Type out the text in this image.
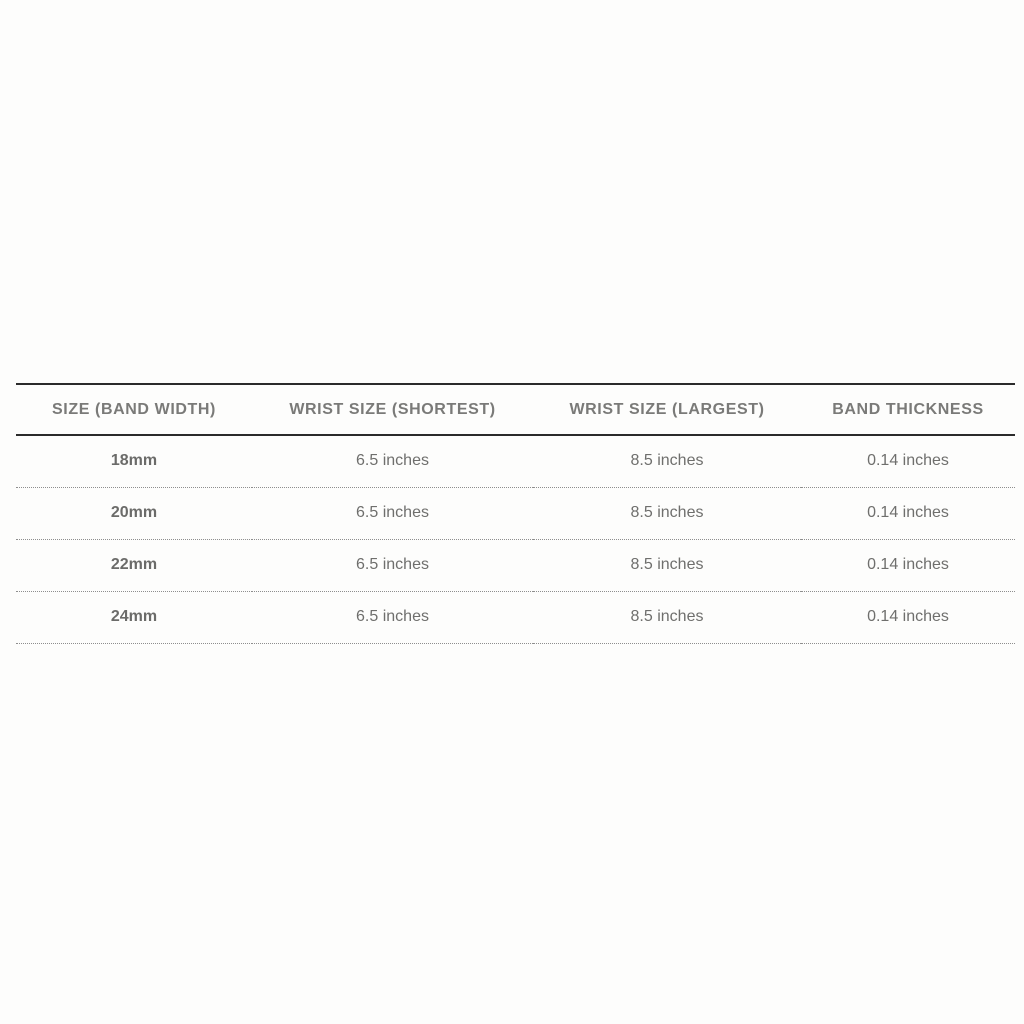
SIZE (BAND WIDTH)	WRIST SIZE (SHORTEST)	WRIST SIZE (LARGEST)	BAND THICKNESS
18mm	6.5 inches	8.5 inches	0.14 inches
20mm	6.5 inches	8.5 inches	0.14 inches
22mm	6.5 inches	8.5 inches	0.14 inches
24mm	6.5 inches	8.5 inches	0.14 inches
